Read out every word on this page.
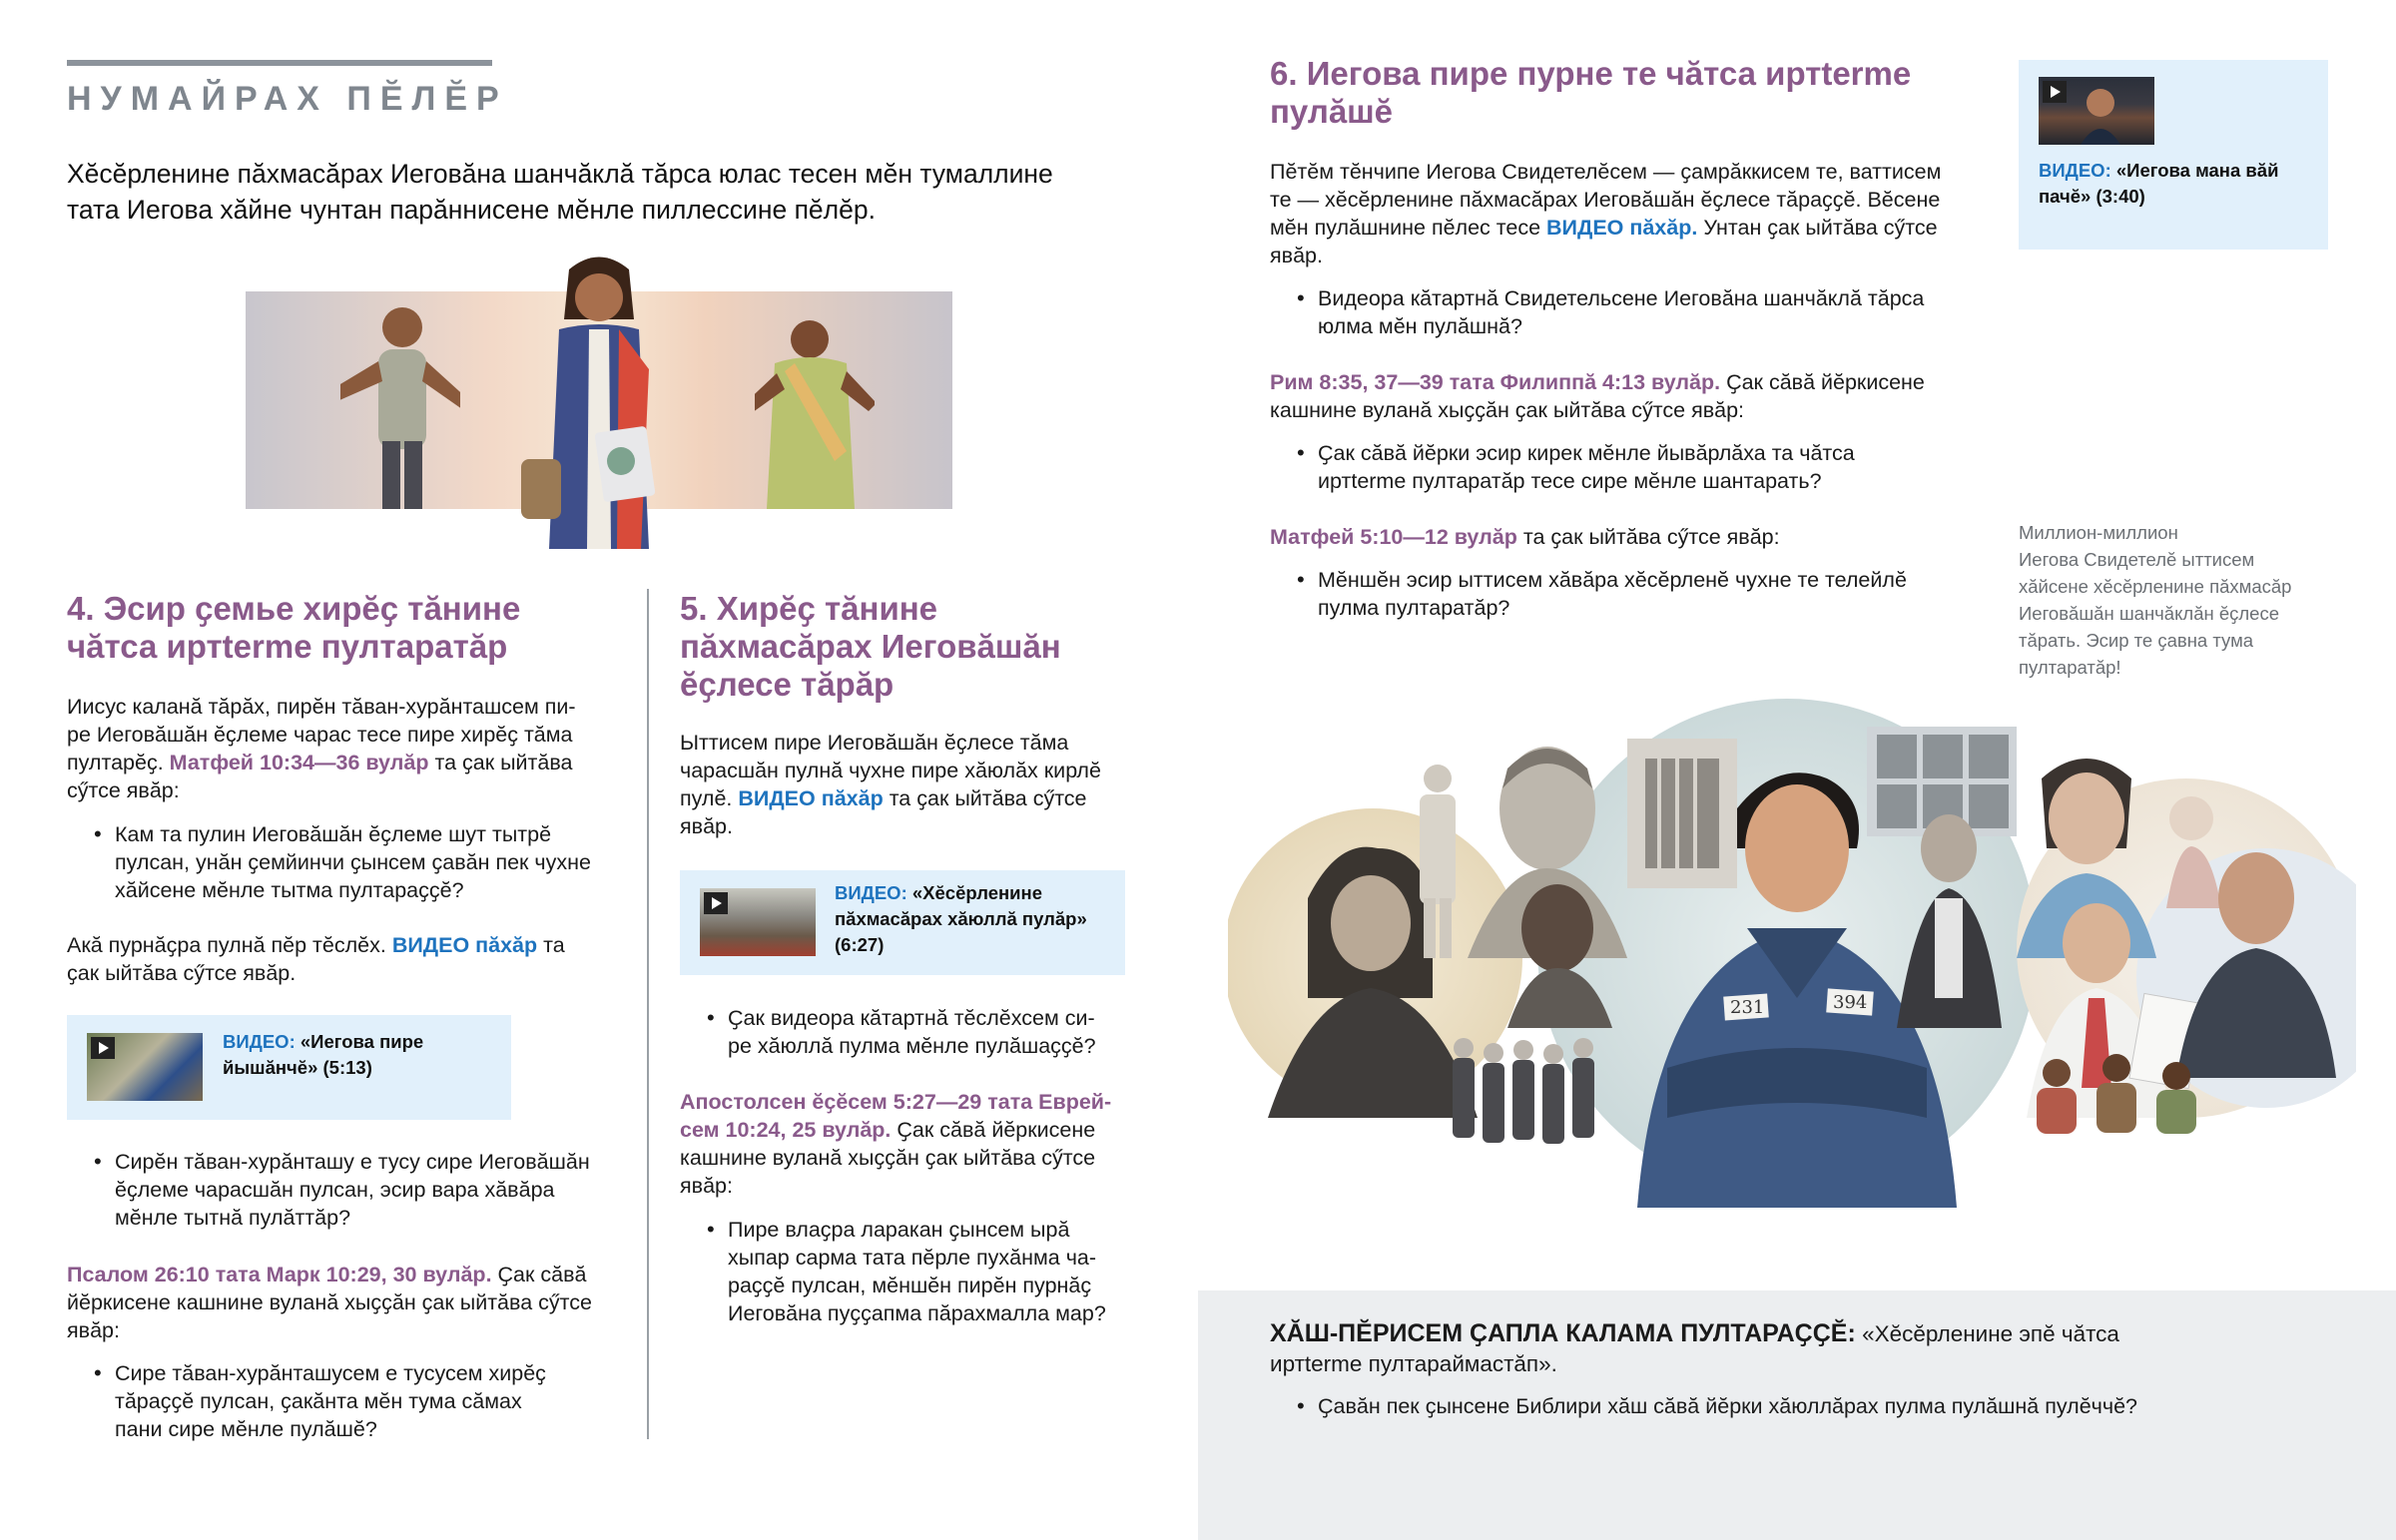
НУМАЙРАХ ПӖЛӖР
Хӗсӗрленине пӑхмасӑрах Иеговӑна шанчӑклӑ тӑрса юлас тесен мӗн тумаллине тата Иегова хӑйне чунтан парӑннисене мӗнле пиллессине пӗлӗр.
4. Эсир ҫемье хирӗҫ тӑнине
чӑтса иртterme пултаратӑр
Иисус каланӑ тӑрӑх, пирӗн тӑван-хурӑнташсем пи-
ре Иеговӑшӑн ӗҫлеме чарас тесе пире хирӗҫ тӑма
пултарӗҫ. Матфей 10:34—36 вулӑр та ҫак ыйтӑва
сӳтсе явӑр:
• Кам та пулин Иеговӑшӑн ӗҫлеме шут тытрӗ
пулсан, унӑн ҫемйинчи ҫынсем ҫавӑн пек чухне
хӑйсене мӗнле тытма пултараҫҫӗ?
Акӑ пурнӑҫра пулнӑ пӗр тӗслӗх. ВИДЕО пӑхӑр та
ҫак ыйтӑва сӳтсе явӑр.
ВИДЕО: «Иегова пире
йышӑнчӗ» (5:13)
• Сирӗн тӑван-хурӑнташу е тусу сире Иеговӑшӑн
ӗҫлеме чарасшӑн пулсан, эсир вара хӑвӑра
мӗнле тытнӑ пулӑттӑр?
Псалом 26:10 тата Марк 10:29, 30 вулӑр. Ҫак сӑвӑ
йӗркисене кашнине вуланӑ хыҫҫӑн ҫак ыйтӑва сӳтсе
явӑр:
• Сире тӑван-хурӑнташусем е тусусем хирӗҫ
тӑраҫҫӗ пулсан, ҫакӑнта мӗн тума сӑмах
пани сире мӗнле пулӑшӗ?
5. Хирӗҫ тӑнине
пӑхмасӑрах Иеговӑшӑн
ӗҫлесе тӑрӑр
Ыттисем пире Иеговӑшӑн ӗҫлесе тӑма
чарасшӑн пулнӑ чухне пире хӑюлӑх кирлӗ
пулӗ. ВИДЕО пӑхӑр та ҫак ыйтӑва сӳтсе
явӑр.
ВИДЕО: «Хӗсӗрленине
пӑхмасӑрах хӑюллӑ пулӑр»
(6:27)
• Ҫак видеора кӑтартнӑ тӗслӗхсем си-
ре хӑюллӑ пулма мӗнле пулӑшаҫҫӗ?
Апостолсен ӗҫӗсем 5:27—29 тата Еврей-
сем 10:24, 25 вулӑр. Ҫак сӑвӑ йӗркисене
кашнине вуланӑ хыҫҫӑн ҫак ыйтӑва сӳтсе
явӑр:
• Пире влаҫра ларакан ҫынсем ырӑ
хыпар сарма тата пӗрле пухӑнма ча-
раҫҫӗ пулсан, мӗншӗн пирӗн пурнӑҫ
Иеговӑна пуҫҫапма пӑрахмалла мар?
6. Иегова пире пурне те чӑтса иртterme
пулӑшӗ
Пӗтӗм тӗнчипе Иегова Свидетелӗсем — ҫамрӑккисем те, ваттисем
те — хӗсӗрленине пӑхмасӑрах Иеговӑшӑн ӗҫлесе тӑраҫҫӗ. Вӗсене
мӗн пулӑшнине пӗлес тесе ВИДЕО пӑхӑр. Унтан ҫак ыйтӑва сӳтсе
явӑр.
• Видеора кӑтартнӑ Свидетельсене Иеговӑна шанчӑклӑ тӑрса
юлма мӗн пулӑшнӑ?
Рим 8:35, 37—39 тата Филиппӑ 4:13 вулӑр. Ҫак сӑвӑ йӗркисене
кашнине вуланӑ хыҫҫӑн ҫак ыйтӑва сӳтсе явӑр:
• Ҫак сӑвӑ йӗрки эсир кирек мӗнле йывӑрлӑха та чӑтса
иртterme пултаратӑр тесе сире мӗнле шантарать?
Матфей 5:10—12 вулӑр та ҫак ыйтӑва сӳтсе явӑр:
• Мӗншӗн эсир ыттисем хӑвӑра хӗсӗрленӗ чухне те телейлӗ
пулма пултаратӑр?
ВИДЕО: «Иегова мана вӑй
пачӗ» (3:40)
Миллион-миллион
Иегова Свидетелӗ ыттисем
хӑйсене хӗсӗрленине пӑхмасӑр
Иеговӑшӑн шанчӑклӑн ӗҫлесе
тӑрать. Эсир те ҫавна тума
пултаратӑр!
ХӐШ-ПӖРИСЕМ ҪАПЛА КАЛАМА ПУЛТАРАҪҪӖ: «Хӗсӗрленине эпӗ чӑтса
иртterme пултараймастӑп».
• Ҫавӑн пек ҫынсене Библири хӑш сӑвӑ йӗрки хӑюллӑрах пулма пулӑшнӑ пулӗччӗ?
231	394
